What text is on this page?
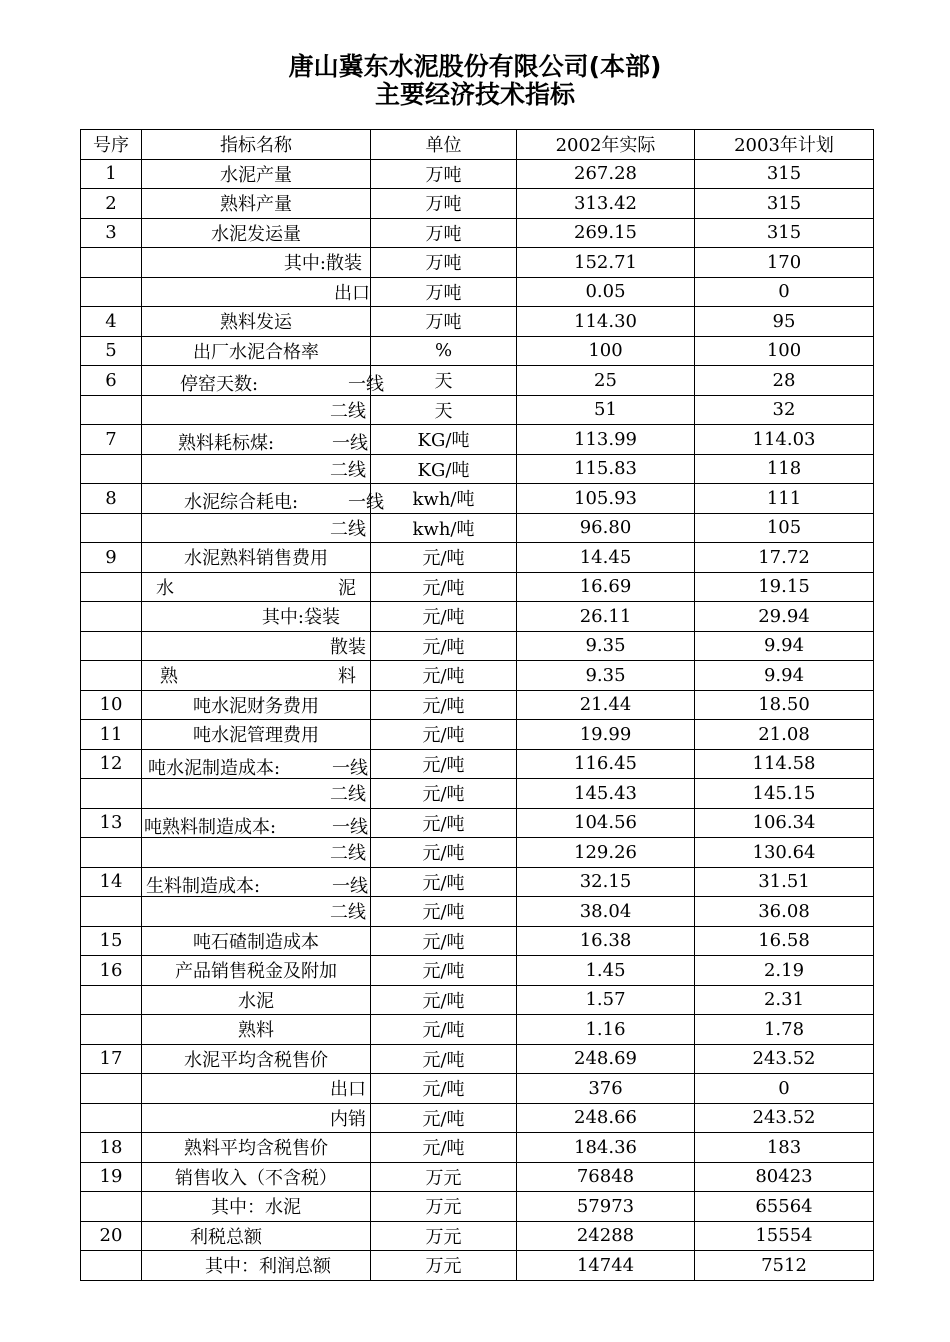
唐山冀东水泥股份有限公司(本部)
主要经济技术指标
号序	指标名称	单位	2002年实际	2003年计划
1	水泥产量	万吨	267.28	315
2	熟料产量	万吨	313.42	315
3	水泥发运量	万吨	269.15	315
	其中:散装	万吨	152.71	170
	出口	万吨	0.05	0
4	熟料发运	万吨	114.30	95
5	出厂水泥合格率	%	100	100
6	停窑天数: 一线	天	25	28
	二线	天	51	32
7	熟料耗标煤: 一线	KG/吨	113.99	114.03
	二线	KG/吨	115.83	118
8	水泥综合耗电: 一线	kwh/吨	105.93	111
	二线	kwh/吨	96.80	105
9	水泥熟料销售费用	元/吨	14.45	17.72

	水 泥	元/吨	16.69	19.15
	其中:袋装	元/吨	26.11	29.94
	散装	元/吨	9.35	9.94

	熟 料	元/吨	9.35	9.94
10	吨水泥财务费用	元/吨	21.44	18.50
11	吨水泥管理费用	元/吨	19.99	21.08
12	吨水泥制造成本: 一线	元/吨	116.45	114.58
	二线	元/吨	145.43	145.15
13	吨熟料制造成本: 一线	元/吨	104.56	106.34
	二线	元/吨	129.26	130.64
14	生料制造成本: 一线	元/吨	32.15	31.51
	二线	元/吨	38.04	36.08
15	吨石碴制造成本	元/吨	16.38	16.58
16	产品销售税金及附加	元/吨	1.45	2.19
	水泥	元/吨	1.57	2.31
	熟料	元/吨	1.16	1.78
17	水泥平均含税售价	元/吨	248.69	243.52
	出口	元/吨	376	0
	内销	元/吨	248.66	243.52
18	熟料平均含税售价	元/吨	184.36	183
19	销售收入（不含税）	万元	76848	80423
	其中：水泥	万元	57973	65564
20	利税总额	万元	24288	15554
	其中：利润总额	万元	14744	7512
